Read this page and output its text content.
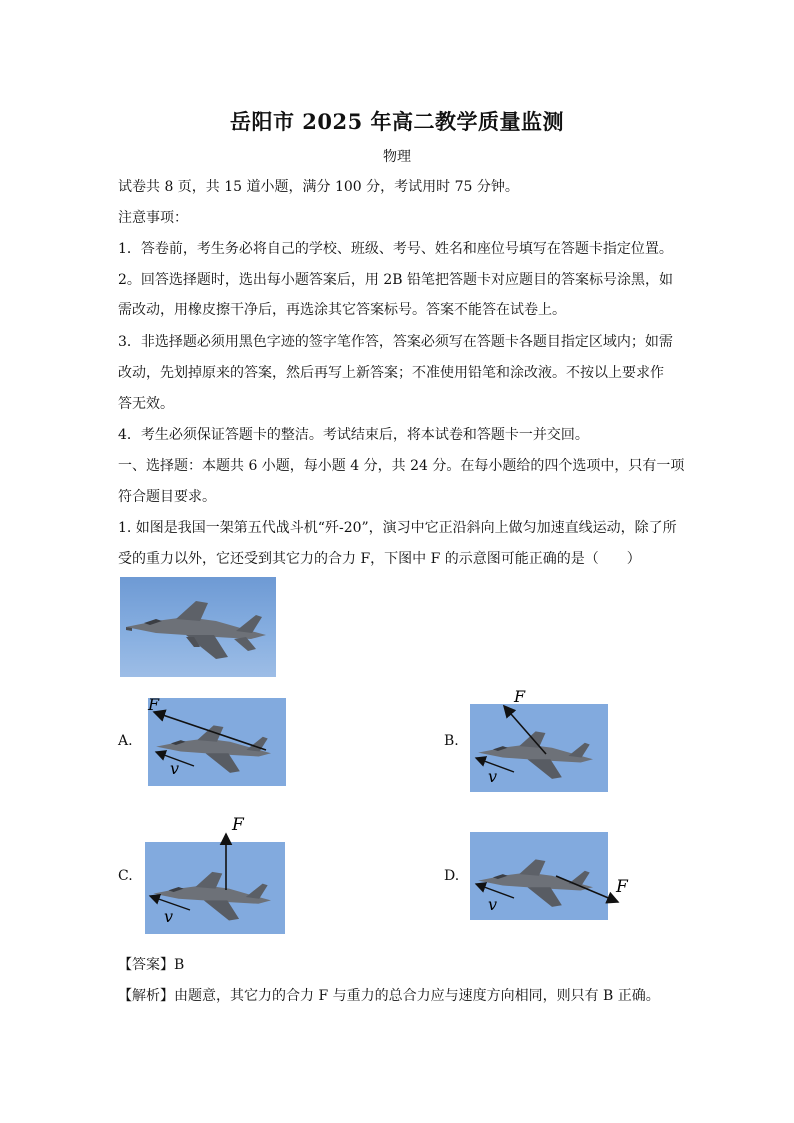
岳阳市 2025 年高二教学质量监测
物理
试卷共 8 页，共 15 道小题，满分 100 分，考试用时 75 分钟。
注意事项：
1．答卷前，考生务必将自己的学校、班级、考号、姓名和座位号填写在答题卡指定位置。
2。回答选择题时，选出每小题答案后，用 2B 铅笔把答题卡对应题目的答案标号涂黑，如
需改动，用橡皮擦干净后，再选涂其它答案标号。答案不能答在试卷上。
3．非选择题必须用黑色字迹的签字笔作答，答案必须写在答题卡各题目指定区域内；如需
改动，先划掉原来的答案，然后再写上新答案；不准使用铅笔和涂改液。不按以上要求作
答无效。
4．考生必须保证答题卡的整洁。考试结束后，将本试卷和答题卡一并交回。
一、选择题：本题共 6 小题，每小题 4 分，共 24 分。在每小题给的四个选项中，只有一项
符合题目要求。
1. 如图是我国一架第五代战斗机“歼-20”，演习中它正沿斜向上做匀加速直线运动，除了所
受的重力以外，它还受到其它力的合力 F，下图中 F 的示意图可能正确的是（　　）
A.	B.
C.	D.
F
v
F
v
F
v
F
v
【答案】B
【解析】由题意，其它力的合力 F 与重力的总合力应与速度方向相同，则只有 B 正确。
